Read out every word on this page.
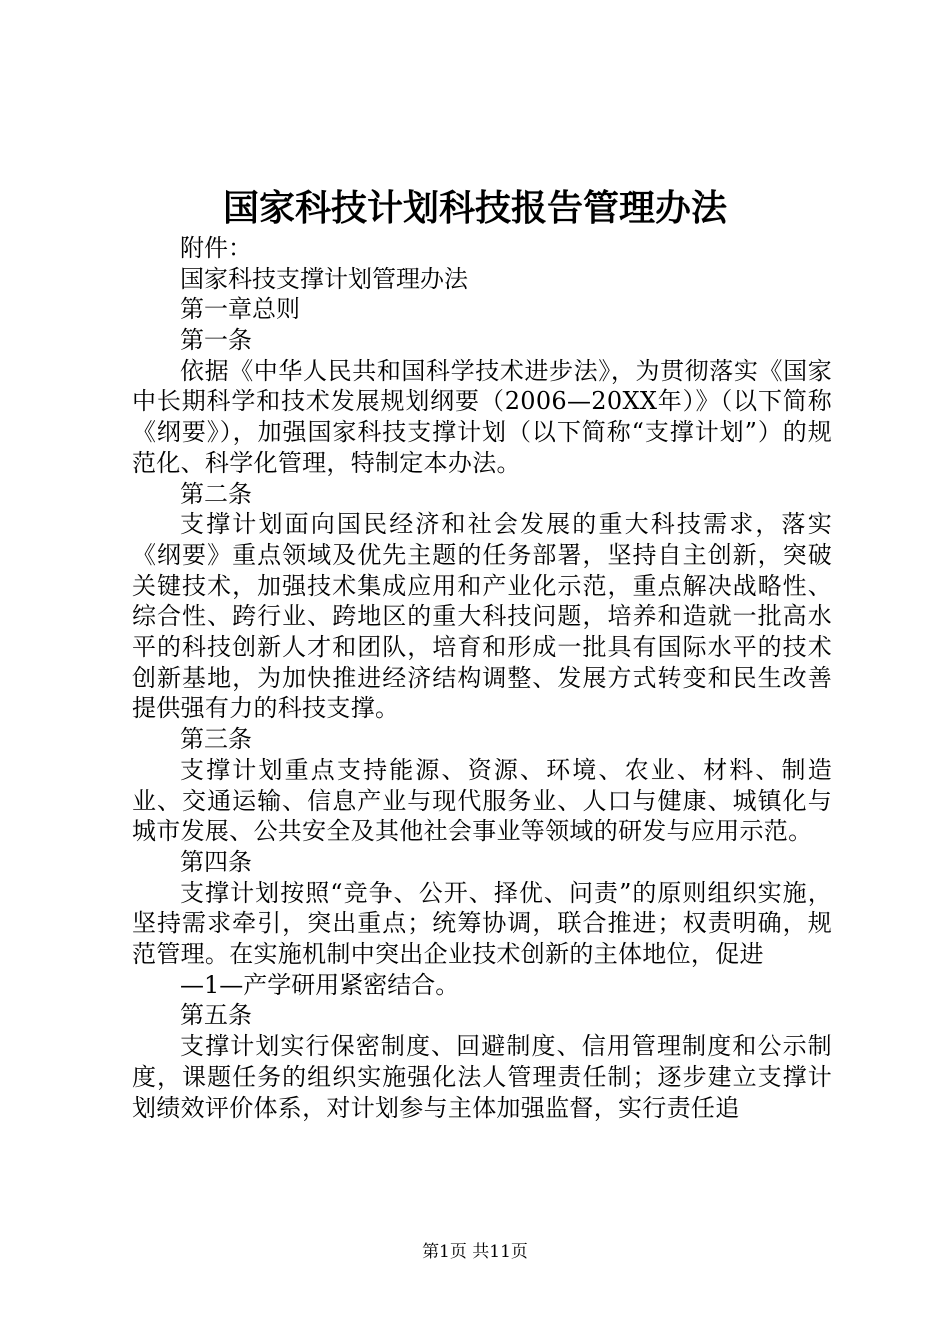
国家科技计划科技报告管理办法
附件：
国家科技支撑计划管理办法
第一章总则
第一条
依据《中华人民共和国科学技术进步法》，为贯彻落实《国家中长期科学和技术发展规划纲要（2006—20XX年）》（以下简称《纲要》），加强国家科技支撑计划（以下简称“支撑计划”）的规范化、科学化管理，特制定本办法。
第二条
支撑计划面向国民经济和社会发展的重大科技需求，落实《纲要》重点领域及优先主题的任务部署，坚持自主创新，突破关键技术，加强技术集成应用和产业化示范，重点解决战略性、综合性、跨行业、跨地区的重大科技问题，培养和造就一批高水平的科技创新人才和团队，培育和形成一批具有国际水平的技术创新基地，为加快推进经济结构调整、发展方式转变和民生改善提供强有力的科技支撑。
第三条
支撑计划重点支持能源、资源、环境、农业、材料、制造业、交通运输、信息产业与现代服务业、人口与健康、城镇化与城市发展、公共安全及其他社会事业等领域的研发与应用示范。
第四条
支撑计划按照“竞争、公开、择优、问责”的原则组织实施，坚持需求牵引，突出重点；统筹协调，联合推进；权责明确，规范管理。在实施机制中突出企业技术创新的主体地位，促进
—1—产学研用紧密结合。
第五条
支撑计划实行保密制度、回避制度、信用管理制度和公示制度，课题任务的组织实施强化法人管理责任制；逐步建立支撑计划绩效评价体系，对计划参与主体加强监督，实行责任追
第1页 共11页
